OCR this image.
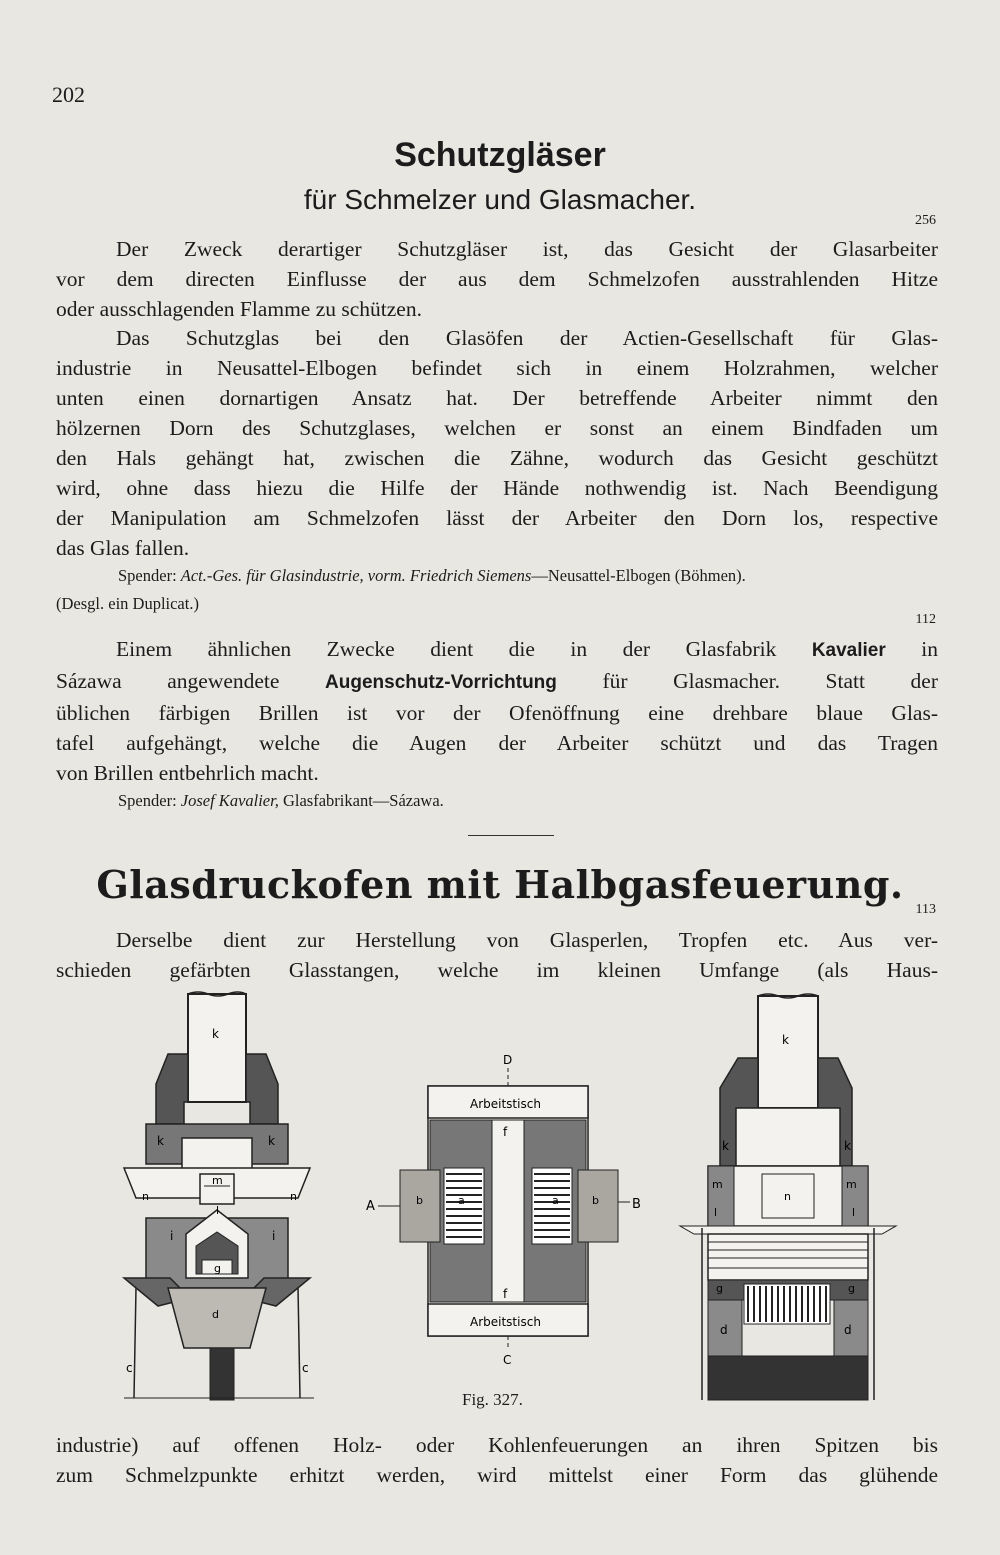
202
Schutzgläser
für Schmelzer und Glasmacher.
256
Der Zweck derartiger Schutzgläser ist, das Gesicht der Glasarbeiter
vor dem directen Einflusse der aus dem Schmelzofen ausstrahlenden Hitze
oder ausschlagenden Flamme zu schützen.
Das Schutzglas bei den Glasöfen der Actien-Gesellschaft für Glas-
industrie in Neusattel-Elbogen befindet sich in einem Holzrahmen, welcher
unten einen dornartigen Ansatz hat. Der betreffende Arbeiter nimmt den
hölzernen Dorn des Schutzglases, welchen er sonst an einem Bindfaden um
den Hals gehängt hat, zwischen die Zähne, wodurch das Gesicht geschützt
wird, ohne dass hiezu die Hilfe der Hände nothwendig ist. Nach Beendigung
der Manipulation am Schmelzofen lässt der Arbeiter den Dorn los, respective
das Glas fallen.
Spender: Act.-Ges. für Glasindustrie, vorm. Friedrich Siemens—Neusattel-Elbogen (Böhmen).
(Desgl. ein Duplicat.)
112
Einem ähnlichen Zwecke dient die in der Glasfabrik Kavalier in
Sázawa angewendete Augenschutz-Vorrichtung für Glasmacher. Statt der
üblichen färbigen Brillen ist vor der Ofenöffnung eine drehbare blaue Glas-
tafel aufgehängt, welche die Augen der Arbeiter schützt und das Tragen
von Brillen entbehrlich macht.
Spender: Josef Kavalier, Glasfabrikant—Sázawa.
Glasdruckofen mit Halbgasfeuerung.
113
Derselbe dient zur Herstellung von Glasperlen, Tropfen etc. Aus ver-
schieden gefärbten Glasstangen, welche im kleinen Umfange (als Haus-
k
k	k
m
n	n
l
i	i
g
d
c	c
D
Arbeitstisch
Arbeitstisch
f
f
b	b
a	a
A	B
C
k
k	k
m	m
n
l	l
g	g
d	d
Fig. 327.
industrie) auf offenen Holz- oder Kohlenfeuerungen an ihren Spitzen bis
zum Schmelzpunkte erhitzt werden, wird mittelst einer Form das glühende
